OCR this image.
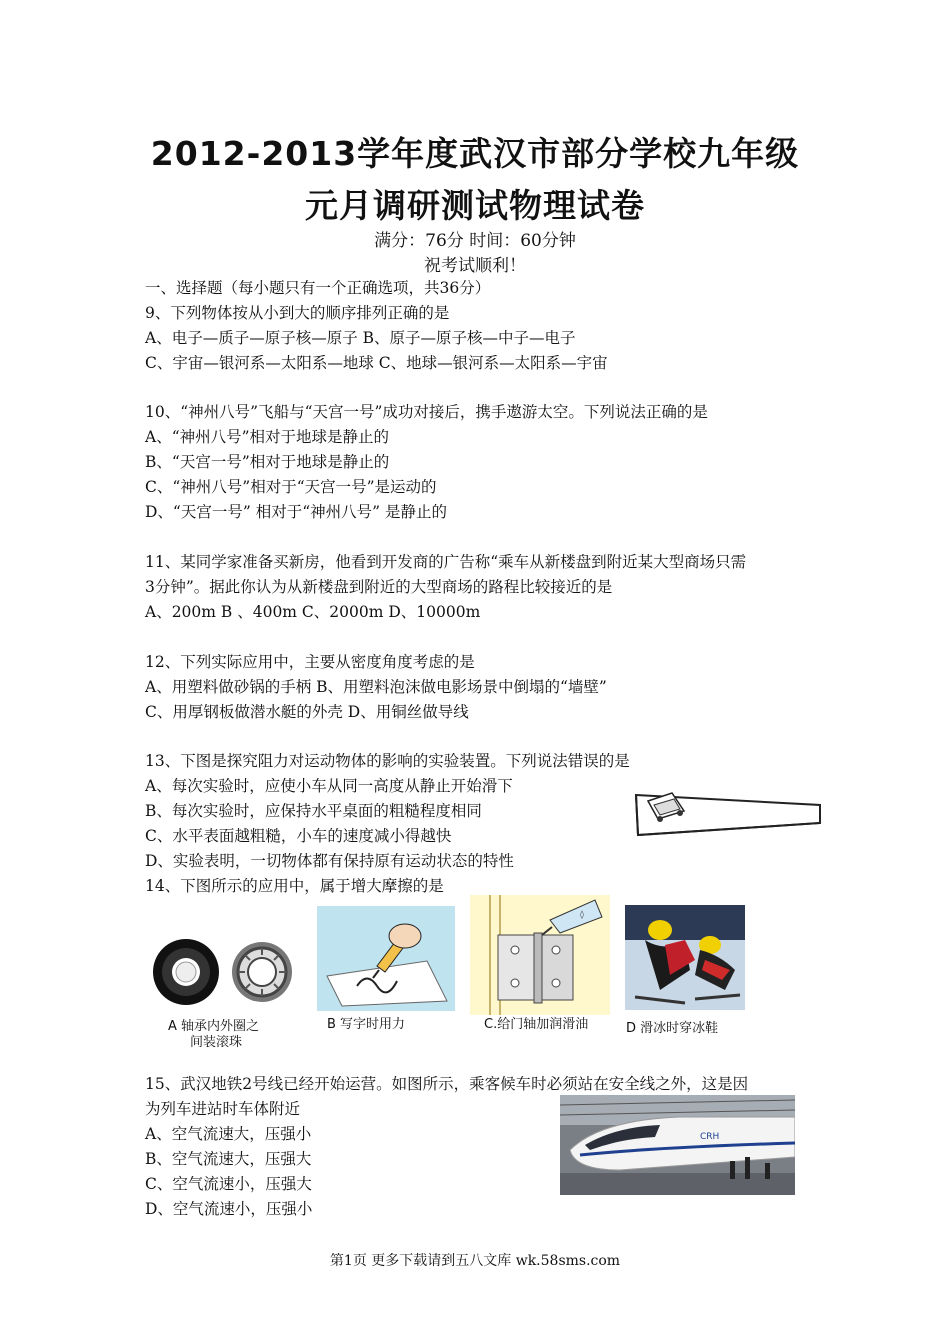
2012-2013学年度武汉市部分学校九年级
元月调研测试物理试卷
满分：76分 时间：60分钟
祝考试顺利！
一、选择题（每小题只有一个正确选项，共36分）
9、下列物体按从小到大的顺序排列正确的是
A、电子—质子—原子核—原子 B、原子—原子核—中子—电子
C、宇宙—银河系—太阳系—地球 C、地球—银河系—太阳系—宇宙
10、“神州八号”飞船与“天宫一号”成功对接后，携手遨游太空。下列说法正确的是
A、“神州八号”相对于地球是静止的
B、“天宫一号”相对于地球是静止的
C、“神州八号”相对于“天宫一号”是运动的
D、“天宫一号” 相对于“神州八号” 是静止的
11、某同学家准备买新房，他看到开发商的广告称“乘车从新楼盘到附近某大型商场只需
3分钟”。据此你认为从新楼盘到附近的大型商场的路程比较接近的是
A、200m B 、400m C、2000m D、10000m
12、下列实际应用中，主要从密度角度考虑的是
A、用塑料做砂锅的手柄 B、用塑料泡沫做电影场景中倒塌的“墙壁”
C、用厚钢板做潜水艇的外壳 D、用铜丝做导线
13、下图是探究阻力对运动物体的影响的实验装置。下列说法错误的是
A、每次实验时，应使小车从同一高度从静止开始滑下
B、每次实验时，应保持水平桌面的粗糙程度相同
C、水平表面越粗糙，小车的速度减小得越快
D、实验表明，一切物体都有保持原有运动状态的特性
14、下图所示的应用中，属于增大摩擦的是
A 轴承内外圈之
间装滚珠
B 写字时用力
◊
C.给门轴加润滑油	D 滑冰时穿冰鞋
15、武汉地铁2号线已经开始运营。如图所示，乘客候车时必须站在安全线之外，这是因
为列车进站时车体附近
A、空气流速大，压强小
B、空气流速大，压强大
C、空气流速小，压强大
D、空气流速小，压强小
CRH
第1页 更多下载请到五八文库 wk.58sms.com
